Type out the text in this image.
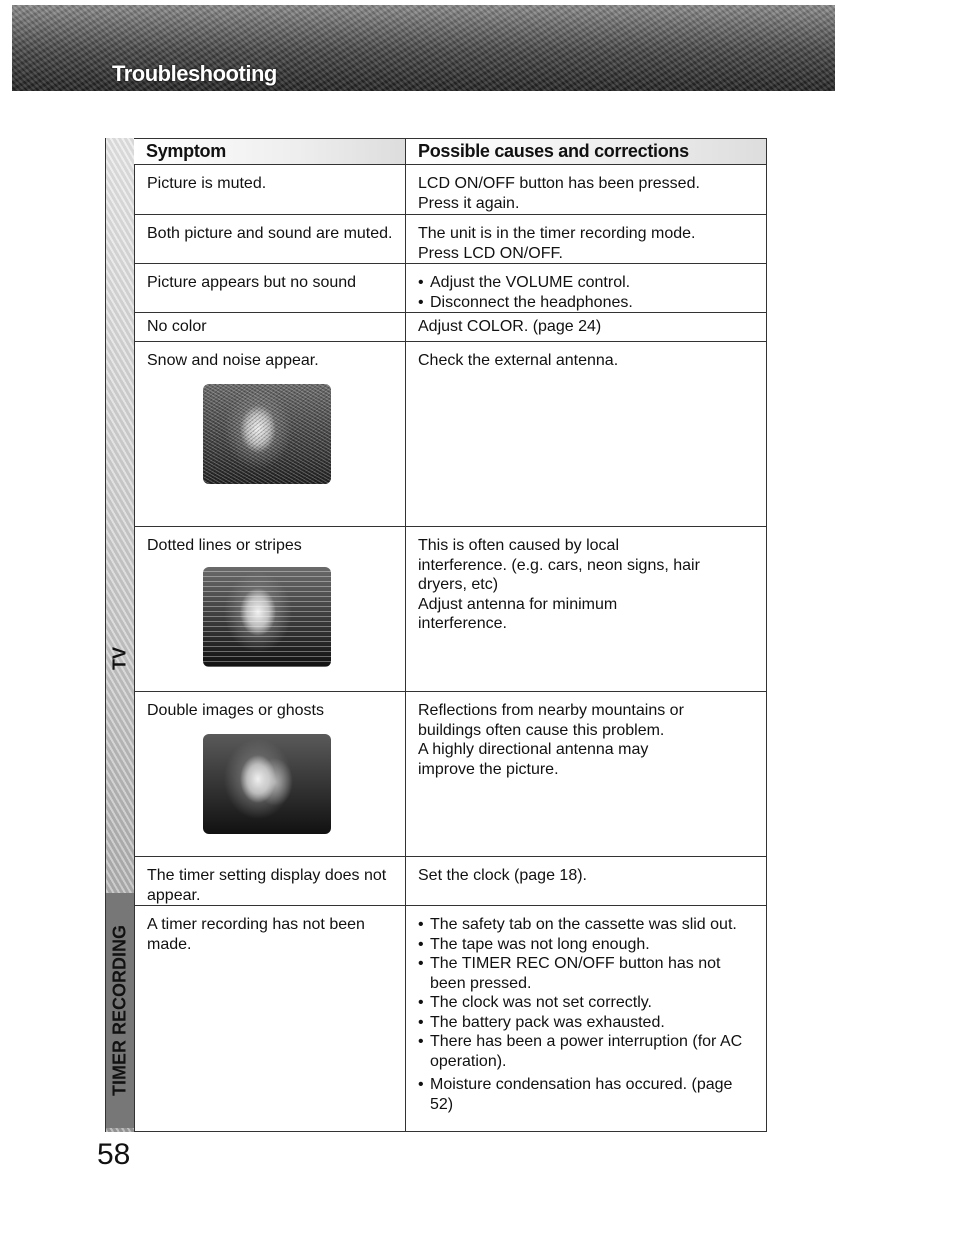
Troubleshooting
TV
TIMER RECORDING
Symptom	Possible causes and corrections
Picture is muted.	LCD ON/OFF button has been pressed.
Press it again.
Both picture and sound are muted.	The unit is in the timer recording mode.
Press LCD ON/OFF.
Picture appears but no sound
•	Adjust the VOLUME control.
• Disconnect the headphones.
No color	Adjust COLOR. (page 24)
Snow and noise appear.	Check the external antenna.
Dotted lines or stripes	This is often caused by local
interference. (e.g. cars, neon signs, hair
dryers, etc)
Adjust antenna for minimum
interference.
Double images or ghosts	Reflections from nearby mountains or
buildings often cause this problem.
A highly directional antenna may
improve the picture.
The timer setting display does not appear.
Set the clock (page 18).
A timer recording has not been made.
• The safety tab on the cassette was slid out.
• The tape was not long enough.
• The TIMER REC ON/OFF button has not been pressed.
• The clock was not set correctly.
• The battery pack was exhausted.
• There has been a power interruption (for AC operation).
• Moisture condensation has occured. (page 52)
58
